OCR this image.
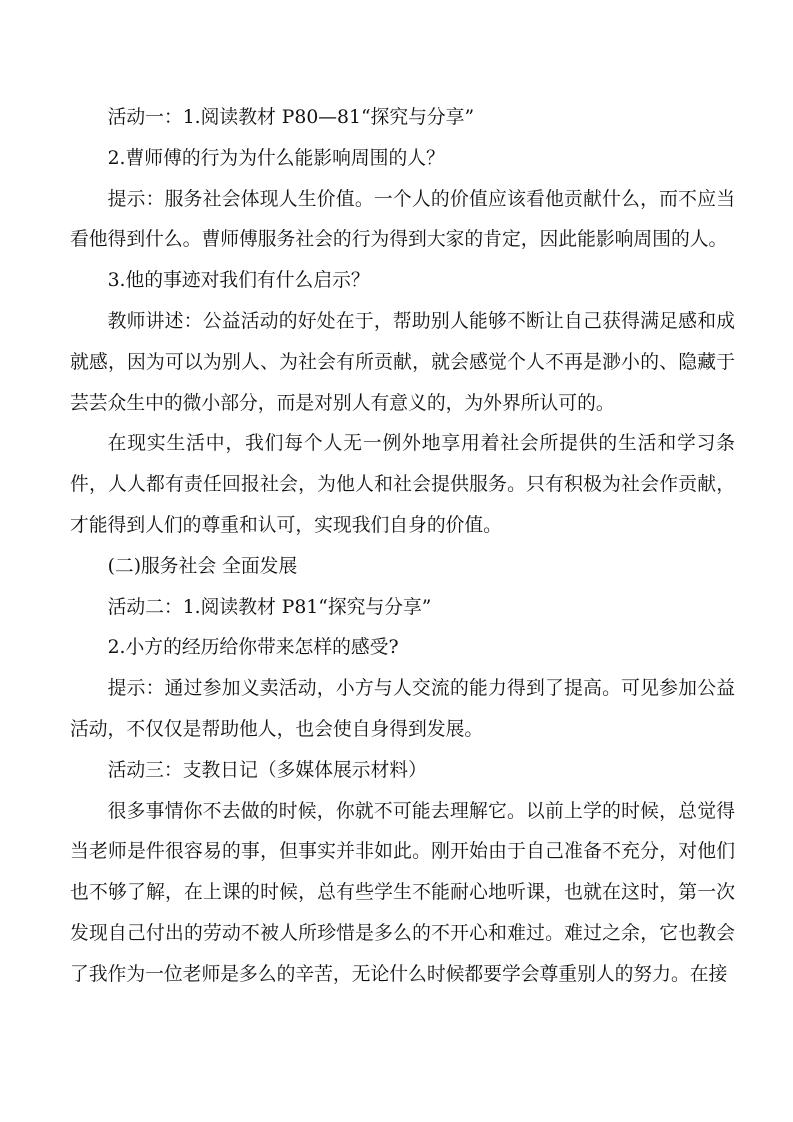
活动一：1.阅读教材 P80—81“探究与分享”

2.曹师傅的行为为什么能影响周围的人？

提示：服务社会体现人生价值。一个人的价值应该看他贡献什么，而不应当看他得到什么。曹师傅服务社会的行为得到大家的肯定，因此能影响周围的人。

3.他的事迹对我们有什么启示？

教师讲述：公益活动的好处在于，帮助别人能够不断让自己获得满足感和成就感，因为可以为别人、为社会有所贡献，就会感觉个人不再是渺小的、隐藏于芸芸众生中的微小部分，而是对别人有意义的，为外界所认可的。

在现实生活中，我们每个人无一例外地享用着社会所提供的生活和学习条件，人人都有责任回报社会，为他人和社会提供服务。只有积极为社会作贡献，才能得到人们的尊重和认可，实现我们自身的价值。

(二)服务社会 全面发展

活动二：1.阅读教材 P81“探究与分享”

2.小方的经历给你带来怎样的感受?

提示：通过参加义卖活动，小方与人交流的能力得到了提高。可见参加公益活动，不仅仅是帮助他人，也会使自身得到发展。

活动三：支教日记（多媒体展示材料）

很多事情你不去做的时候，你就不可能去理解它。以前上学的时候，总觉得当老师是件很容易的事，但事实并非如此。刚开始由于自己准备不充分，对他们也不够了解，在上课的时候，总有些学生不能耐心地听课，也就在这时，第一次发现自己付出的劳动不被人所珍惜是多么的不开心和难过。难过之余，它也教会了我作为一位老师是多么的辛苦，无论什么时候都要学会尊重别人的努力。在接
